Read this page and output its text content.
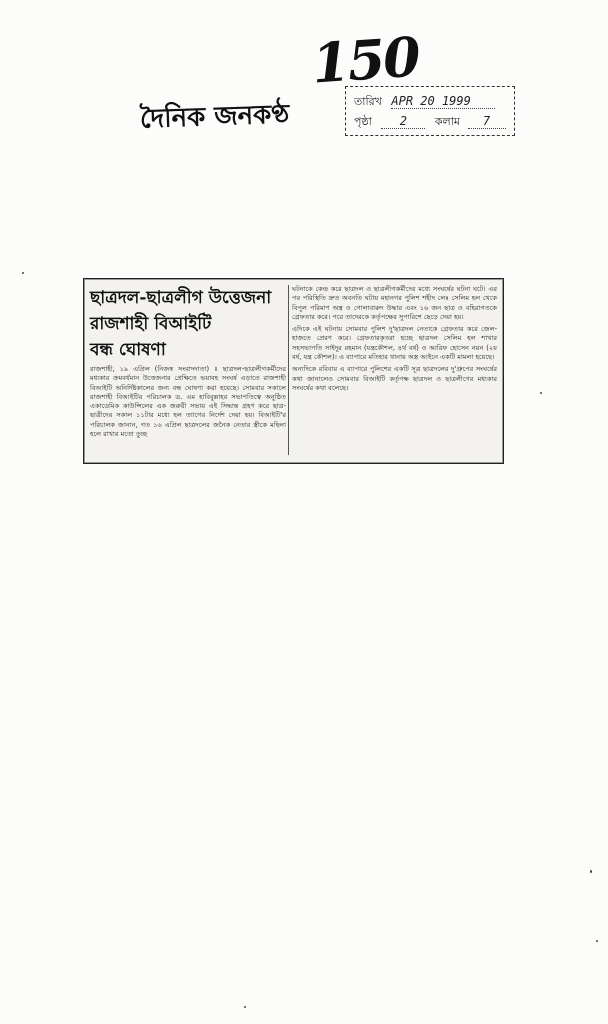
150
দৈনিক জনকণ্ঠ	তারিখ APR 20 1999
পৃষ্ঠা 2	কলাম 7
ছাত্রদল-ছাত্রলীগ উত্তেজনা
রাজশাহী বিআইটি
বন্ধ ঘোষণা
রাজশাহী, ১৯ এপ্রিল (নিজস্ব সংবাদদাতা) ॥ ছাত্রদল-ছাত্রলীগকর্মীদের মধ্যকার ক্রমবর্ধমান উত্তেজনার প্রেক্ষিতে ভয়াবহ সংঘর্ষ এড়াতে রাজশাহী বিআইটি অনির্দিষ্টকালের জন্য বন্ধ ঘোষণা করা হয়েছে। সোমবার সকালে রাজশাহী বিআইটির পরিচালক ড. এম হাবিবুল্লাহর সভাপতিত্বে অনুষ্ঠিত একাডেমিক কাউন্সিলের এক জরুরী সভায় এই সিদ্ধান্ত গ্রহণ করে ছাত্র-ছাত্রীদের সকাল ১১টার মধ্যে হল ত্যাগের নির্দেশ দেয়া হয়। বিআইটি'র পরিচালক জানান, গত ১৬ এপ্রিল ছাত্রদলের জনৈক নেতার স্ত্রীকে মহিলা হলে রাখার মতো তুচ্ছ
ঘটনাকে কেন্দ্র করে ছাত্রদল ও ছাত্রলীগকর্মীদের মধ্যে সংঘর্ষের ঘটনা ঘটে। এর পর পরিস্থিতি দ্রুত অবনতি ঘটায় মহানগর পুলিশ শহীদ লেঃ সেলিম হল থেকে বিপুল পরিমাণ অস্ত্র ও গোলাবারুদ উদ্ধার এবং ১৬ জন ছাত্র ও বহিরাগতকে গ্রেফতার করে। পরে তাদেরকে কর্তৃপক্ষের সুপারিশে ছেড়ে দেয়া হয়।
এদিকে এই ঘটনায় সোমবার পুলিশ দু'ছাত্রদল নেতাকে গ্রেফতার করে জেল-হাজতে প্রেরণ করে। গ্রেফতারকৃতরা হচ্ছে ছাত্রদল সেলিম হল শাখার সহসভাপতি সাইদুর রহমান (যন্ত্রকৌশল, ৪র্থ বর্ষ) ও আরিফ হোসেন নয়ন (২য় বর্ষ, যন্ত্র কৌশল)। এ ব্যাপারে মতিহার থানায় অস্ত্র আইনে একটি মামলা হয়েছে।
অন্যদিকে রবিবার এ ব্যাপারে পুলিশের একটি সূত্র ছাত্রদলের দু'গ্রুপের সংঘর্ষের কথা জানালেও সোমবার বিআইটি কর্তৃপক্ষ ছাত্রদল ও ছাত্রলীগের মধ্যকার সংঘর্ষের কথা বলেছে।
